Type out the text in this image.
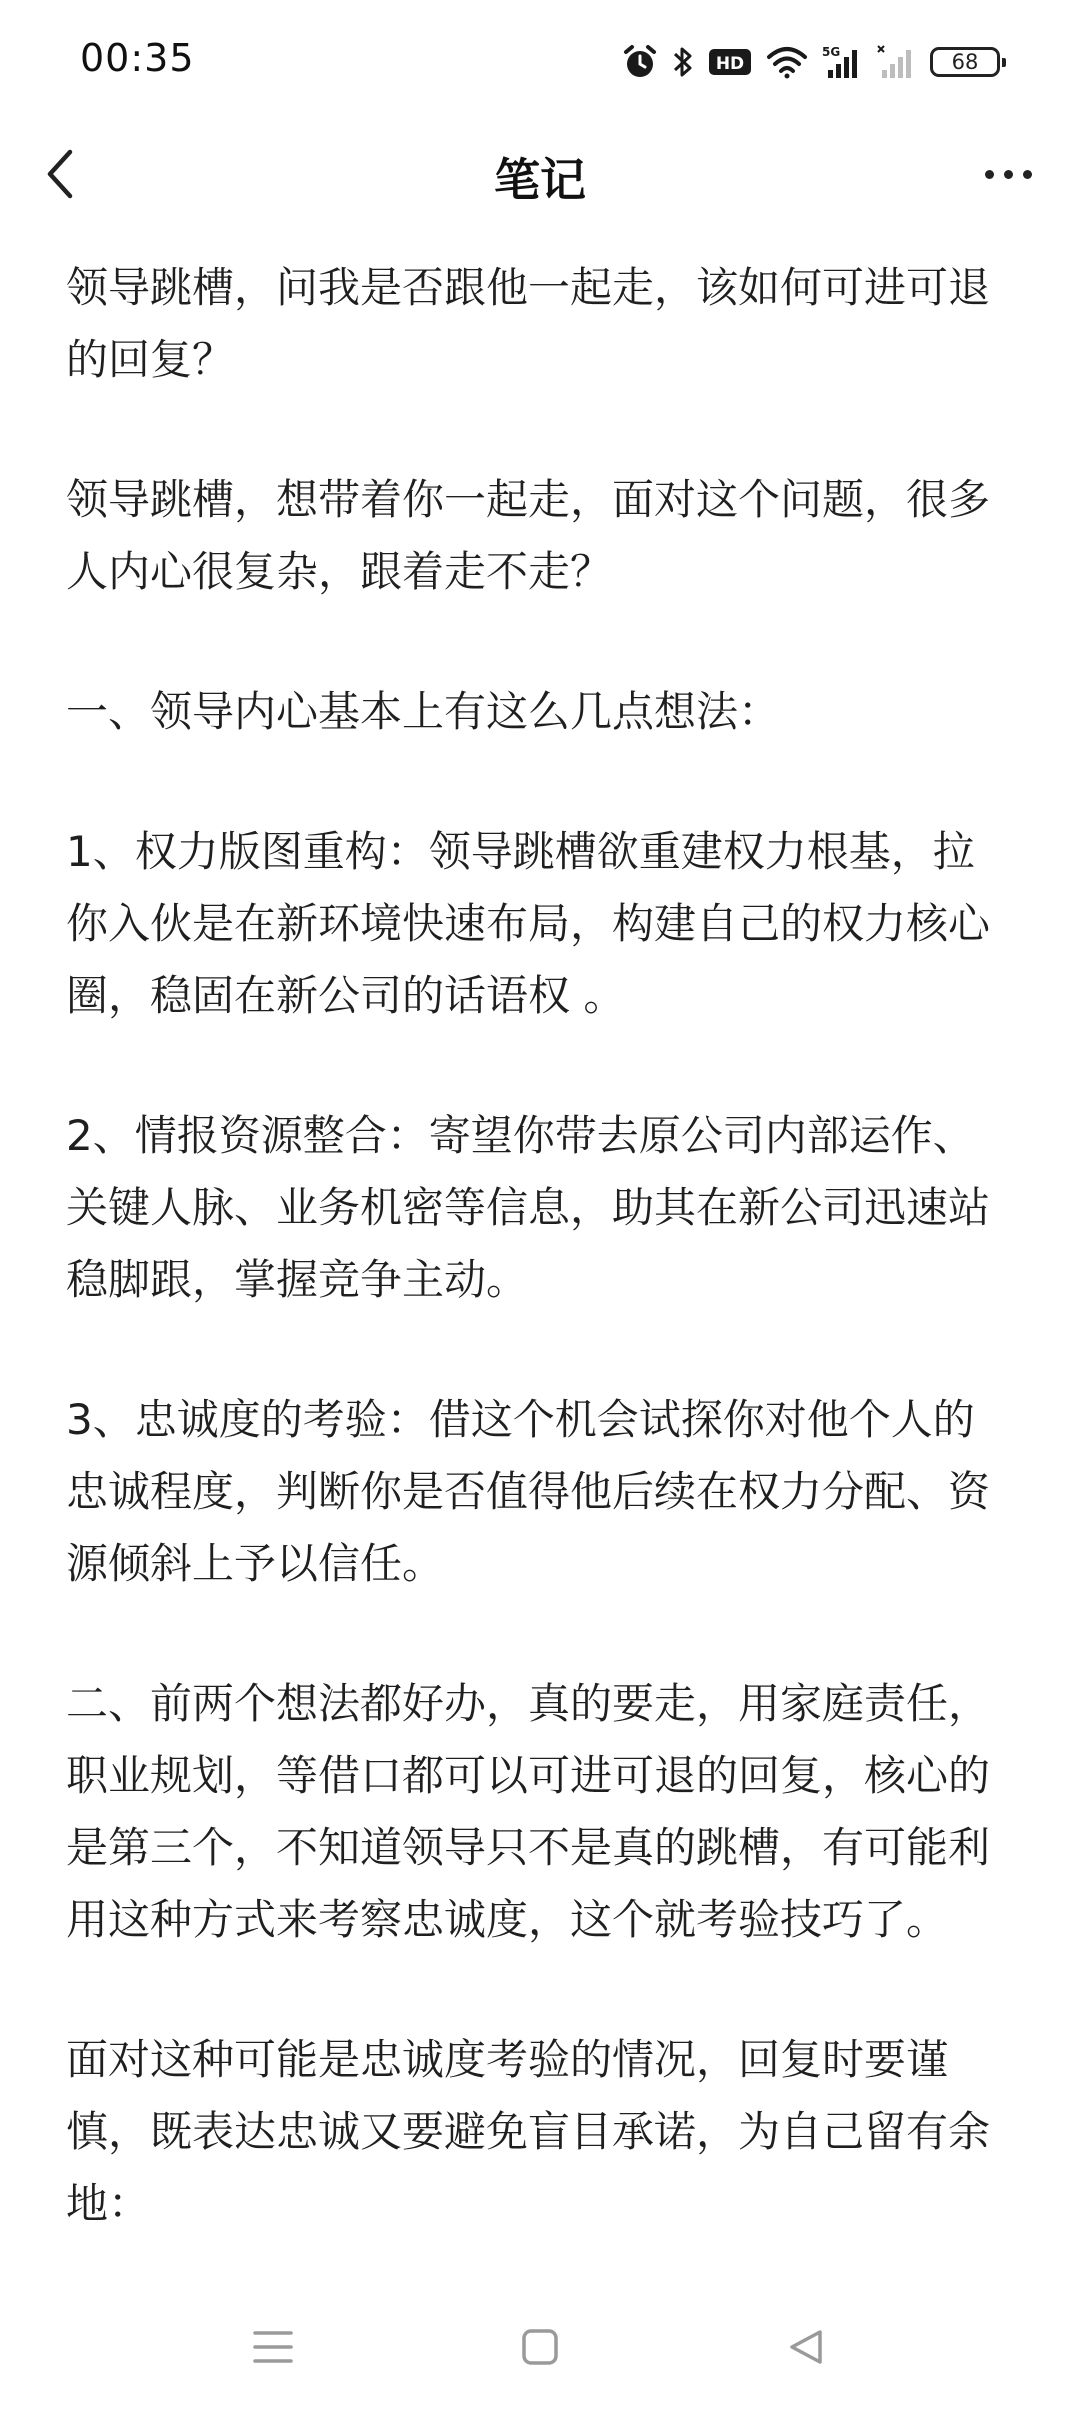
00:35	HD
5G	68
笔记

领导跳槽，问我是否跟他一起走，该如何可进可退的回复？

领导跳槽，想带着你一起走，面对这个问题，很多人内心很复杂，跟着走不走？

一、领导内心基本上有这么几点想法：

1、权力版图重构：领导跳槽欲重建权力根基，拉你入伙是在新环境快速布局，构建自己的权力核心圈，稳固在新公司的话语权 。

2、情报资源整合：寄望你带去原公司内部运作、关键人脉、业务机密等信息，助其在新公司迅速站稳脚跟，掌握竞争主动。

3、忠诚度的考验：借这个机会试探你对他个人的忠诚程度，判断你是否值得他后续在权力分配、资源倾斜上予以信任。

二、前两个想法都好办，真的要走，用家庭责任，职业规划，等借口都可以可进可退的回复，核心的是第三个，不知道领导只不是真的跳槽，有可能利用这种方式来考察忠诚度，这个就考验技巧了。

面对这种可能是忠诚度考验的情况，回复时要谨慎，既表达忠诚又要避免盲目承诺，为自己留有余地：
